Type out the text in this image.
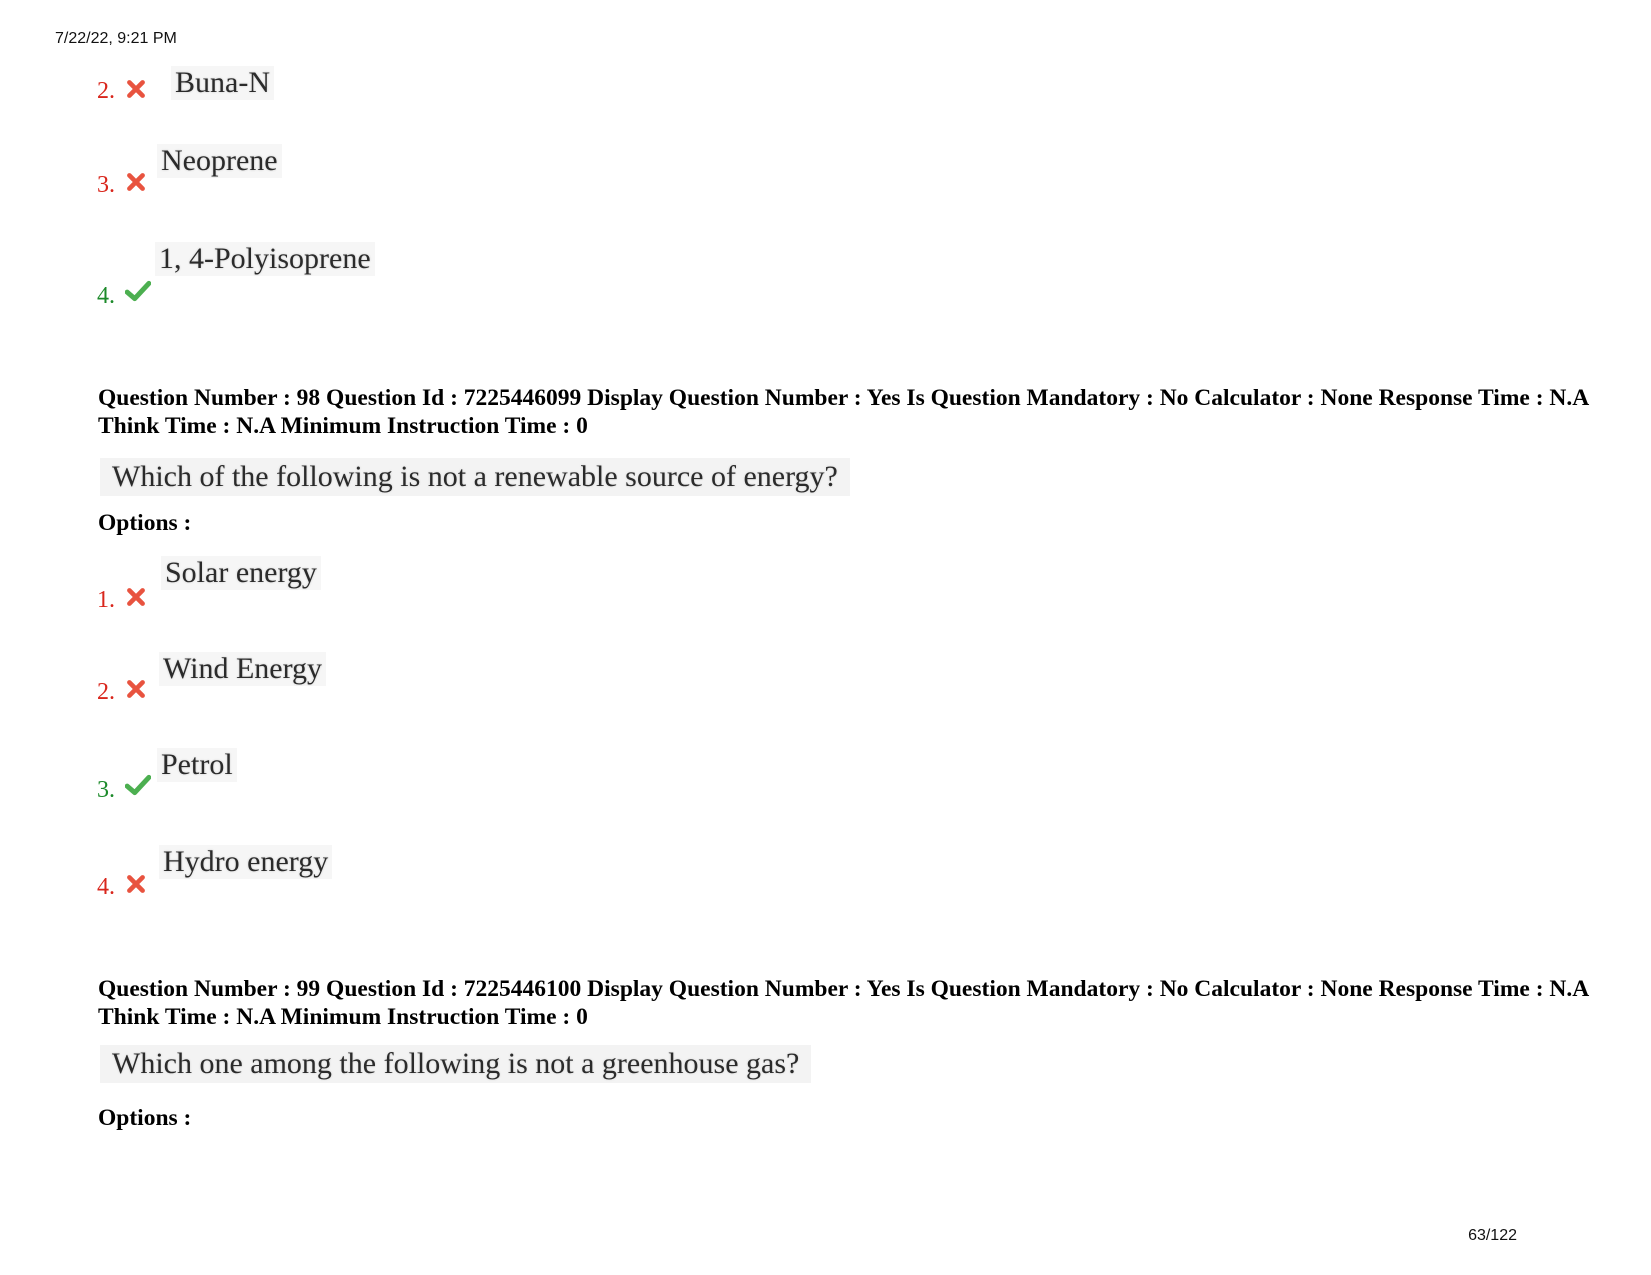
7/22/22, 9:21 PM
2. Buna-N
3.
Neoprene
4.
1, 4-Polyisoprene
Question Number : 98 Question Id : 7225446099 Display Question Number : Yes Is Question Mandatory : No Calculator : None Response Time : N.A Think Time : N.A Minimum Instruction Time : 0
Which of the following is not a renewable source of energy?
Options :
1.
Solar energy
2.
Wind Energy
3.
Petrol
4.
Hydro energy
Question Number : 99 Question Id : 7225446100 Display Question Number : Yes Is Question Mandatory : No Calculator : None Response Time : N.A Think Time : N.A Minimum Instruction Time : 0
Which one among the following is not a greenhouse gas?
Options :
63/122
